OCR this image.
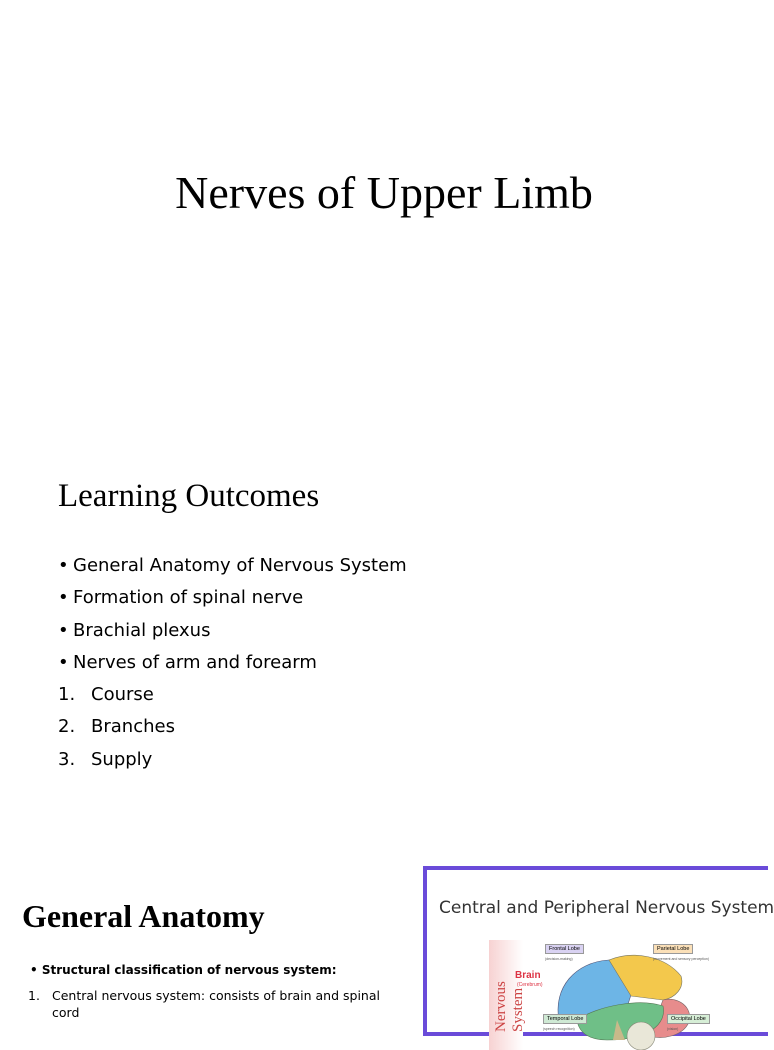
Nerves of Upper Limb
Learning Outcomes
• General Anatomy of Nervous System
• Formation of spinal nerve
• Brachial plexus
• Nerves of arm and forearm
1. Course
2. Branches
3. Supply
General Anatomy
• Structural classification of nervous system:
1. Central nervous system: consists of brain and spinal cord
Central and Peripheral Nervous System
Nervous System
Brain
(Cerebrum)
Frontal Lobe
(decision-making)
Parietal Lobe
(movement and sensory perception)
Temporal Lobe
(speech recognition)
Occipital Lobe
(vision)
